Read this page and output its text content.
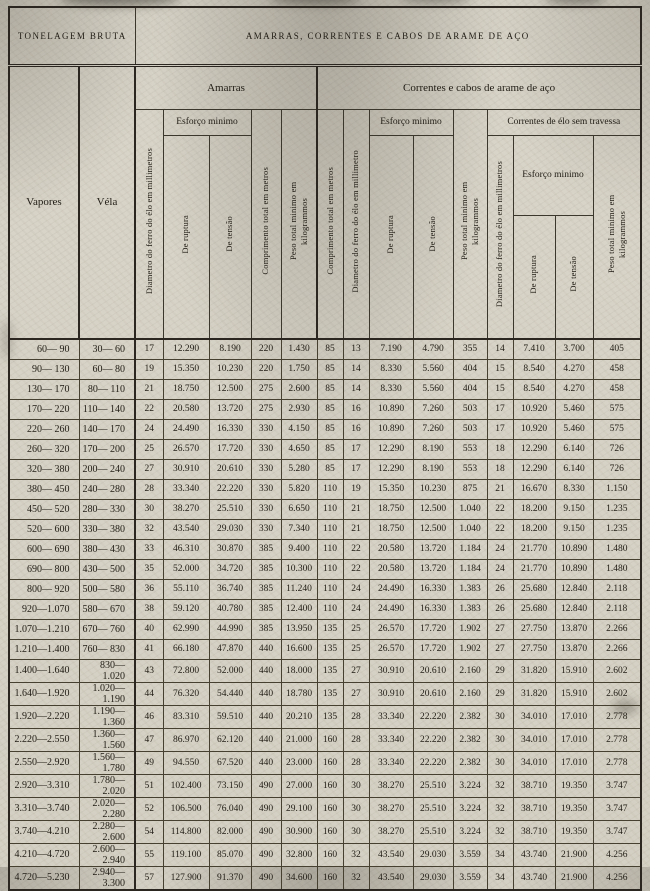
TONELAGEM BRUTA		AMARRAS, CORRENTES E CABOS DE ARAME DE AÇO													
Vapores	Véla	Amarras					Correntes e cabos de arame de aço								
		Diametro do ferro do élo em millimetros	Esforço minimo		Comprimento total em metros	Peso total minimo em kilogrammos	Comprimento total em metros	Diametro do ferro do élo em millimetro	Esforço minimo		Peso total minimo em kilogrammos	Correntes de élo sem travessa			
			De ruptura	De tensão					De ruptura	De tensão		Diametro do ferro do élo em millimetros	Esforço minimo		Peso total minimo em kilogrammos
													De ruptura	De tensão	
60— 90	30— 60	17	12.290	8.190	220	1.430	85	13	7.190	4.790	355	14	7.410	3.700	405
90— 130	60— 80	19	15.350	10.230	220	1.750	85	14	8.330	5.560	404	15	8.540	4.270	458
130— 170	80— 110	21	18.750	12.500	275	2.600	85	14	8.330	5.560	404	15	8.540	4.270	458
170— 220	110— 140	22	20.580	13.720	275	2.930	85	16	10.890	7.260	503	17	10.920	5.460	575
220— 260	140— 170	24	24.490	16.330	330	4.150	85	16	10.890	7.260	503	17	10.920	5.460	575
260— 320	170— 200	25	26.570	17.720	330	4.650	85	17	12.290	8.190	553	18	12.290	6.140	726
320— 380	200— 240	27	30.910	20.610	330	5.280	85	17	12.290	8.190	553	18	12.290	6.140	726
380— 450	240— 280	28	33.340	22.220	330	5.820	110	19	15.350	10.230	875	21	16.670	8.330	1.150
450— 520	280— 330	30	38.270	25.510	330	6.650	110	21	18.750	12.500	1.040	22	18.200	9.150	1.235
520— 600	330— 380	32	43.540	29.030	330	7.340	110	21	18.750	12.500	1.040	22	18.200	9.150	1.235
600— 690	380— 430	33	46.310	30.870	385	9.400	110	22	20.580	13.720	1.184	24	21.770	10.890	1.480
690— 800	430— 500	35	52.000	34.720	385	10.300	110	22	20.580	13.720	1.184	24	21.770	10.890	1.480
800— 920	500— 580	36	55.110	36.740	385	11.240	110	24	24.490	16.330	1.383	26	25.680	12.840	2.118
920—1.070	580— 670	38	59.120	40.780	385	12.400	110	24	24.490	16.330	1.383	26	25.680	12.840	2.118
1.070—1.210	670— 760	40	62.990	44.990	385	13.950	135	25	26.570	17.720	1.902	27	27.750	13.870	2.266
1.210—1.400	760— 830	41	66.180	47.870	440	16.600	135	25	26.570	17.720	1.902	27	27.750	13.870	2.266
1.400—1.640	830—1.020	43	72.800	52.000	440	18.000	135	27	30.910	20.610	2.160	29	31.820	15.910	2.602
1.640—1.920	1.020—1.190	44	76.320	54.440	440	18.780	135	27	30.910	20.610	2.160	29	31.820	15.910	2.602
1.920—2.220	1.190—1.360	46	83.310	59.510	440	20.210	135	28	33.340	22.220	2.382	30	34.010	17.010	2.778
2.220—2.550	1.360—1.560	47	86.970	62.120	440	21.000	160	28	33.340	22.220	2.382	30	34.010	17.010	2.778
2.550—2.920	1.560—1.780	49	94.550	67.520	440	23.000	160	28	33.340	22.220	2.382	30	34.010	17.010	2.778
2.920—3.310	1.780—2.020	51	102.400	73.150	490	27.000	160	30	38.270	25.510	3.224	32	38.710	19.350	3.747
3.310—3.740	2.020—2.280	52	106.500	76.040	490	29.100	160	30	38.270	25.510	3.224	32	38.710	19.350	3.747
3.740—4.210	2.280—2.600	54	114.800	82.000	490	30.900	160	30	38.270	25.510	3.224	32	38.710	19.350	3.747
4.210—4.720	2.600—2.940	55	119.100	85.070	490	32.800	160	32	43.540	29.030	3.559	34	43.740	21.900	4.256
4.720—5.230	2.940—3.300	57	127.900	91.370	490	34.600	160	32	43.540	29.030	3.559	34	43.740	21.900	4.256
